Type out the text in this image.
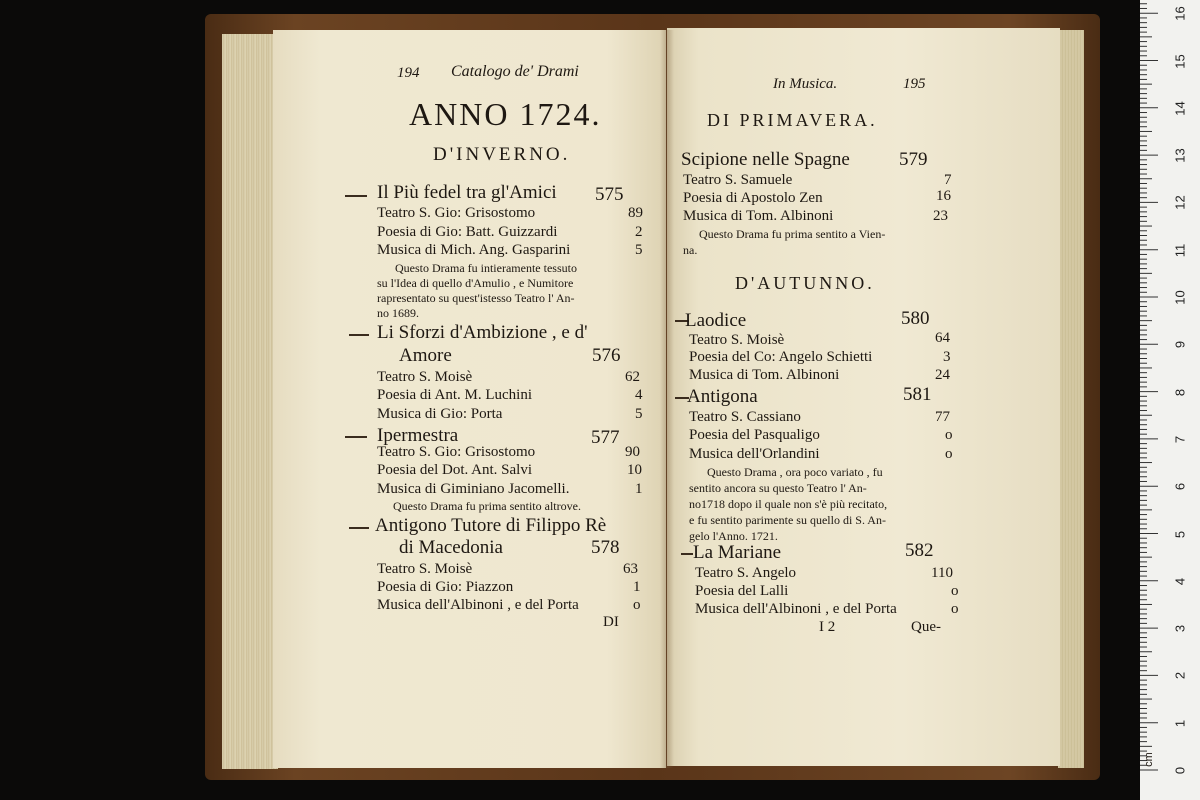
194 Catalogo de' Drami
ANNO 1724.
D'INVERNO.
Il Più fedel tra gl'Amici 575
Teatro S. Gio: Grisostomo	89
Poesia di Gio: Batt. Guizzardi	2
Musica di Mich. Ang. Gasparini	5
Questo Drama fu intieramente tessuto
su l'Idea di quello d'Amulio , e Numitore
rapresentato su quest'istesso Teatro l' An-
no 1689.
Li Sforzi d'Ambizione , e d'
Amore	576
Teatro S. Moisè	62
Poesia di Ant. M. Luchini	4
Musica di Gio: Porta	5
Ipermestra	577
Teatro S. Gio: Grisostomo	90
Poesia del Dot. Ant. Salvi	10
Musica di Giminiano Jacomelli.	1
Questo Drama fu prima sentito altrove.
Antigono Tutore di Filippo Rè
di Macedonia	578
Teatro S. Moisè	63
Poesia di Gio: Piazzon	1
Musica dell'Albinoni , e del Porta	o
DI
In Musica.	195
DI PRIMAVERA.
Scipione nelle Spagne	579
Teatro S. Samuele	7
Poesia di Apostolo Zen	16
Musica di Tom. Albinoni	23
Questo Drama fu prima sentito a Vien-
na.
D'AUTUNNO.
Laodice	580
Teatro S. Moisè	64
Poesia del Co: Angelo Schietti	3
Musica di Tom. Albinoni	24
Antigona	581
Teatro S. Cassiano	77
Poesia del Pasqualigo	o
Musica dell'Orlandini	o
Questo Drama , ora poco variato , fu
sentito ancora su questo Teatro l' An-
no1718 dopo il quale non s'è più recitato,
e fu sentito parimente su quello di S. An-
gelo l'Anno. 1721.
La Mariane	582
Teatro S. Angelo	110
Poesia del Lalli	o
Musica dell'Albinoni , e del Porta	o
I 2	Que-
cm
0
1
2
3
4
5
6
7
8
9
10
11
12
13
14
15
16
